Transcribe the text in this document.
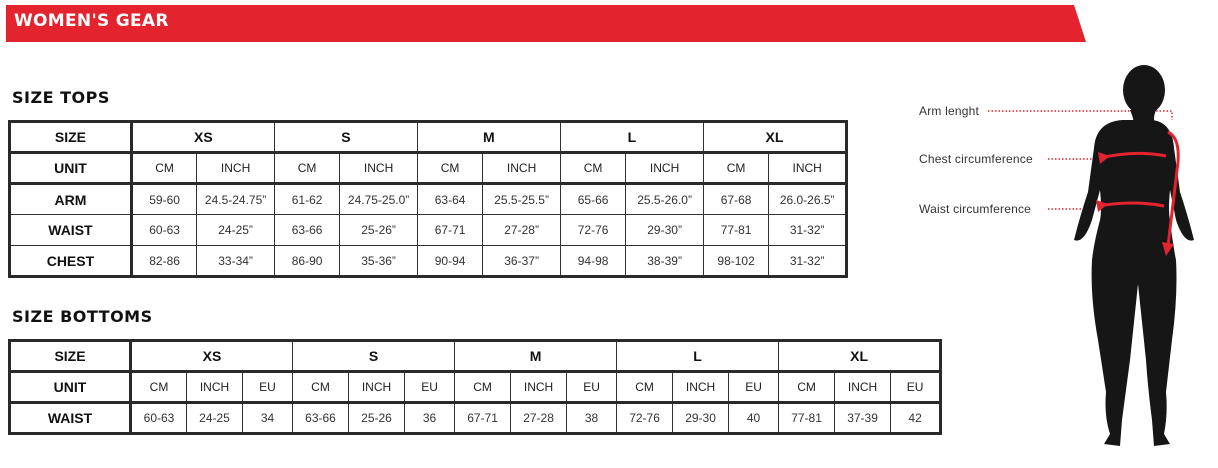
WOMEN'S GEAR
SIZE TOPS
SIZE	XS		S		M		L		XL	
UNIT	CM	INCH	CM	INCH	CM	INCH	CM	INCH	CM	INCH
ARM	59-60	24.5-24.75”	61-62	24.75-25.0”	63-64	25.5-25.5”	65-66	25.5-26.0”	67-68	26.0-26.5”
WAIST	60-63	24-25”	63-66	25-26”	67-71	27-28”	72-76	29-30”	77-81	31-32”
CHEST	82-86	33-34”	86-90	35-36”	90-94	36-37”	94-98	38-39”	98-102	31-32”
SIZE BOTTOMS
SIZE	XS			S			M			L			XL		
UNIT	CM	INCH	EU	CM	INCH	EU	CM	INCH	EU	CM	INCH	EU	CM	INCH	EU
WAIST	60-63	24-25	34	63-66	25-26	36	67-71	27-28	38	72-76	29-30	40	77-81	37-39	42
Arm lenght
Chest circumference
Waist circumference
